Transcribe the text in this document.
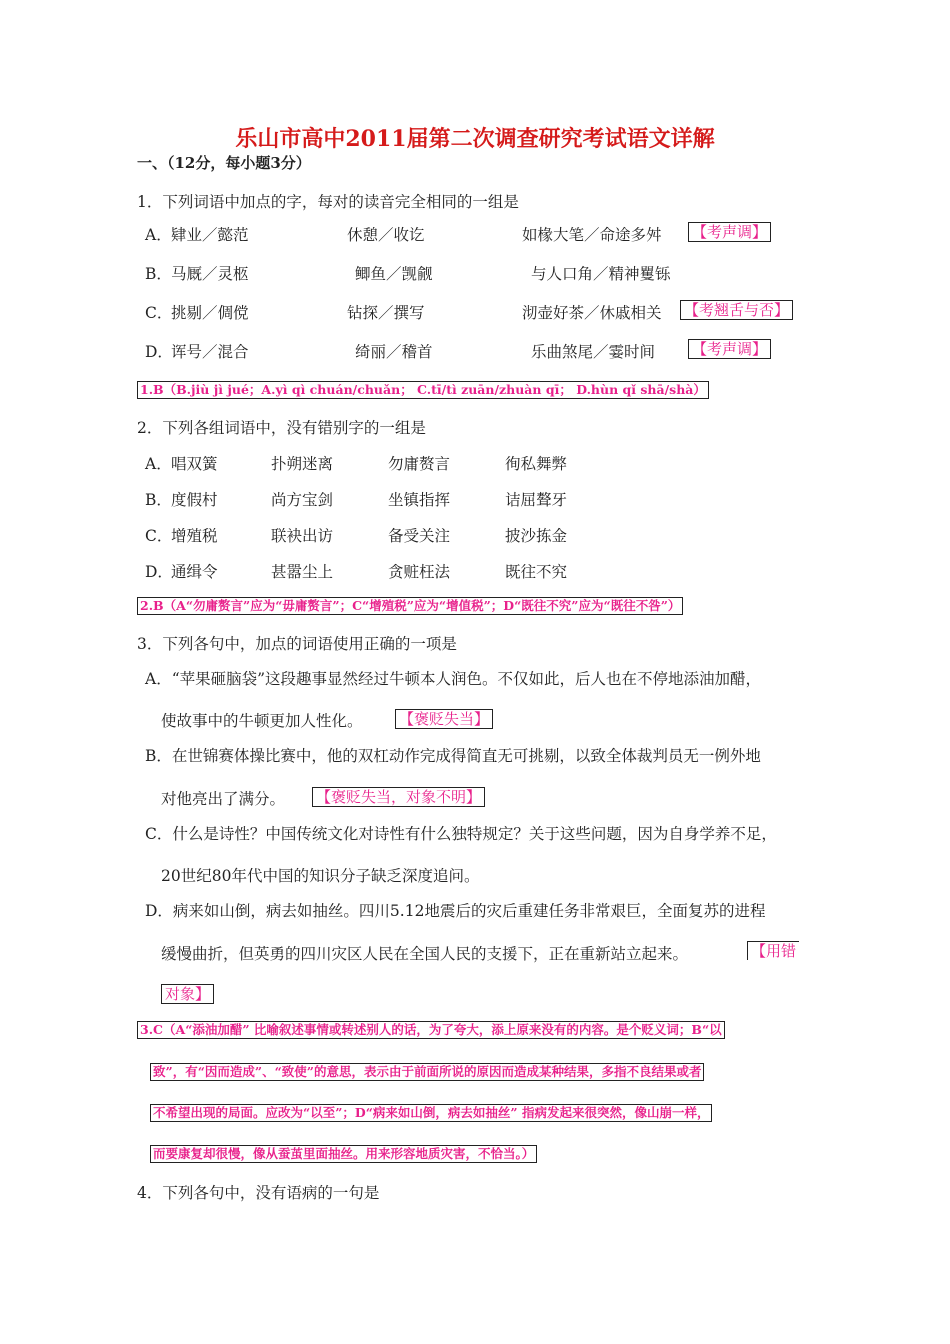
乐山市高中2011届第二次调查研究考试语文详解
一、（12分，每小题3分）
1．下列词语中加点的字，每对的读音完全相同的一组是
A． 肄业／懿范	休憩／收讫	如椽大笔／命途多舛 【考声调】
B． 马厩／灵柩	鲫鱼／觊觎	与人口角／精神矍铄
C．
挑剔／倜傥	钻探／撰写	沏壶好茶／休戚相关 【考翘舌与否】
D．
诨号／混合	绮丽／稽首	乐曲煞尾／霎时间 【考声调】
1.B（B.jiù jì jué；A.yì qì chuán/chuǎn； C.tī/tì zuān/zhuàn qī； D.hùn qǐ shā/shà）
2．下列各组词语中，没有错别字的一组是
A． 唱双簧	扑朔迷离	勿庸赘言	徇私舞弊
B． 度假村	尚方宝剑	坐镇指挥	诘屈聱牙
C．
增殖税	联袂出访	备受关注	披沙拣金
D．
通缉令	甚嚣尘上	贪赃枉法	既往不究
2.B（A“勿庸赘言”应为“毋庸赘言”；C“增殖税”应为“增值税”；D“既往不究”应为“既往不咎”）
3．下列各句中，加点的词语使用正确的一项是
A．“苹果砸脑袋”这段趣事显然经过牛顿本人润色。不仅如此，后人也在不停地添油加醋，
使故事中的牛顿更加人性化。 【褒贬失当】
B．在世锦赛体操比赛中，他的双杠动作完成得简直无可挑剔，以致全体裁判员无一例外地
对他亮出了满分。 【褒贬失当，对象不明】
C．什么是诗性？中国传统文化对诗性有什么独特规定？关于这些问题，因为自身学养不足，
20世纪80年代中国的知识分子缺乏深度追问。
D．病来如山倒，病去如抽丝。四川5.12地震后的灾后重建任务非常艰巨，全面复苏的进程
缓慢曲折，但英勇的四川灾区人民在全国人民的支援下，正在重新站立起来。	【用错
对象】
3.C（A“添油加醋” 比喻叙述事情或转述别人的话，为了夸大，添上原来没有的内容。是个贬义词；B“以
致”，有“因而造成”、“致使”的意思，表示由于前面所说的原因而造成某种结果，多指不良结果或者
不希望出现的局面。应改为“以至”；D“病来如山倒，病去如抽丝” 指病发起来很突然，像山崩一样，
而要康复却很慢，像从蚕茧里面抽丝。用来形容地质灾害，不恰当。）
4．下列各句中，没有语病的一句是
